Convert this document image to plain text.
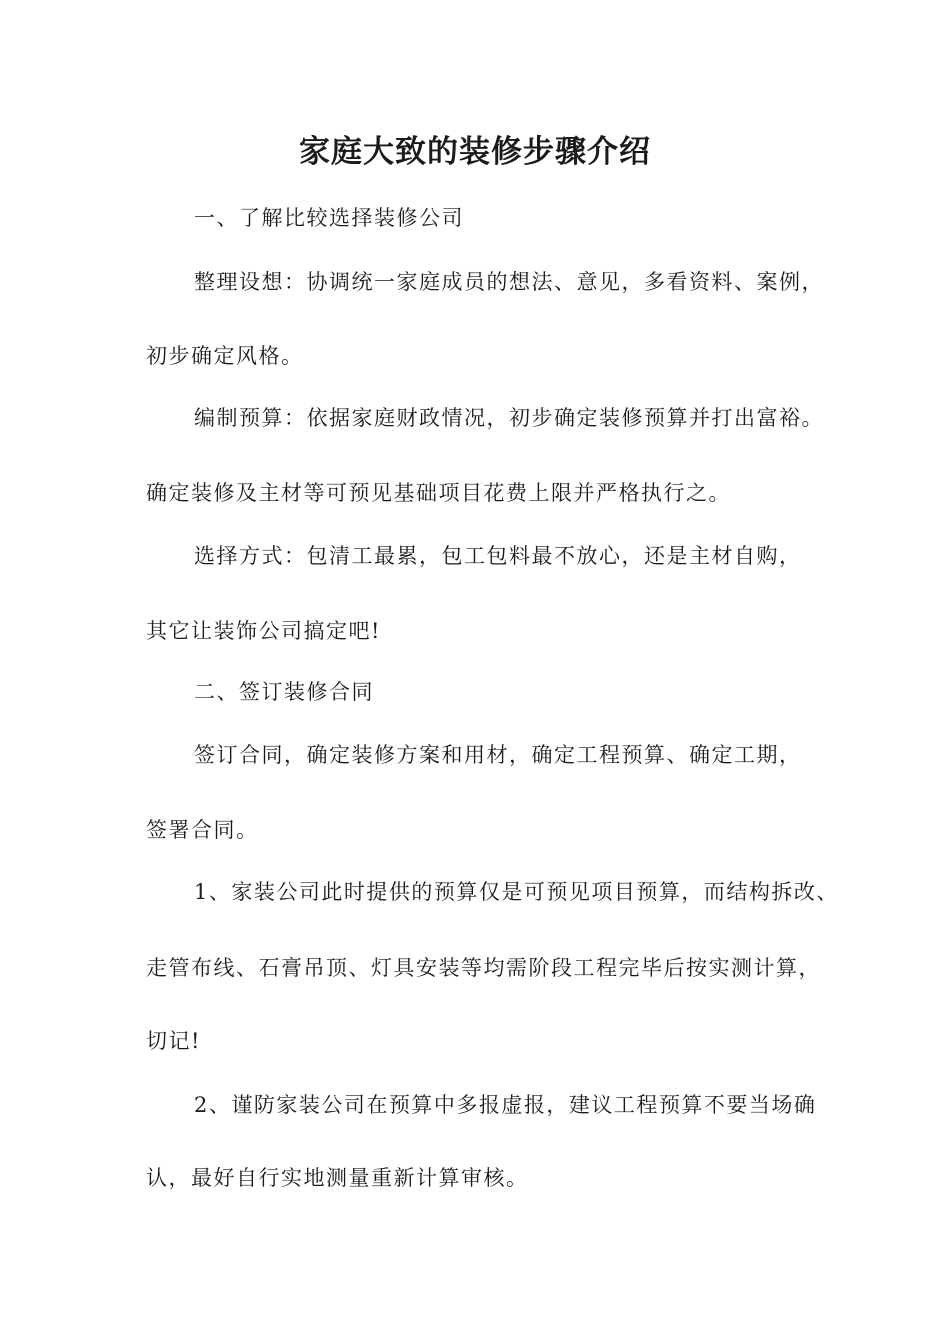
家庭大致的装修步骤介绍
一、了解比较选择装修公司
整理设想：协调统一家庭成员的想法、意见，多看资料、案例，
初步确定风格。
编制预算：依据家庭财政情况，初步确定装修预算并打出富裕。
确定装修及主材等可预见基础项目花费上限并严格执行之。
选择方式：包清工最累，包工包料最不放心，还是主材自购，
其它让装饰公司搞定吧!
二、签订装修合同
签订合同，确定装修方案和用材，确定工程预算、确定工期，
签署合同。
1、家装公司此时提供的预算仅是可预见项目预算，而结构拆改、
走管布线、石膏吊顶、灯具安装等均需阶段工程完毕后按实测计算，
切记!
2、谨防家装公司在预算中多报虚报，建议工程预算不要当场确
认，最好自行实地测量重新计算审核。
